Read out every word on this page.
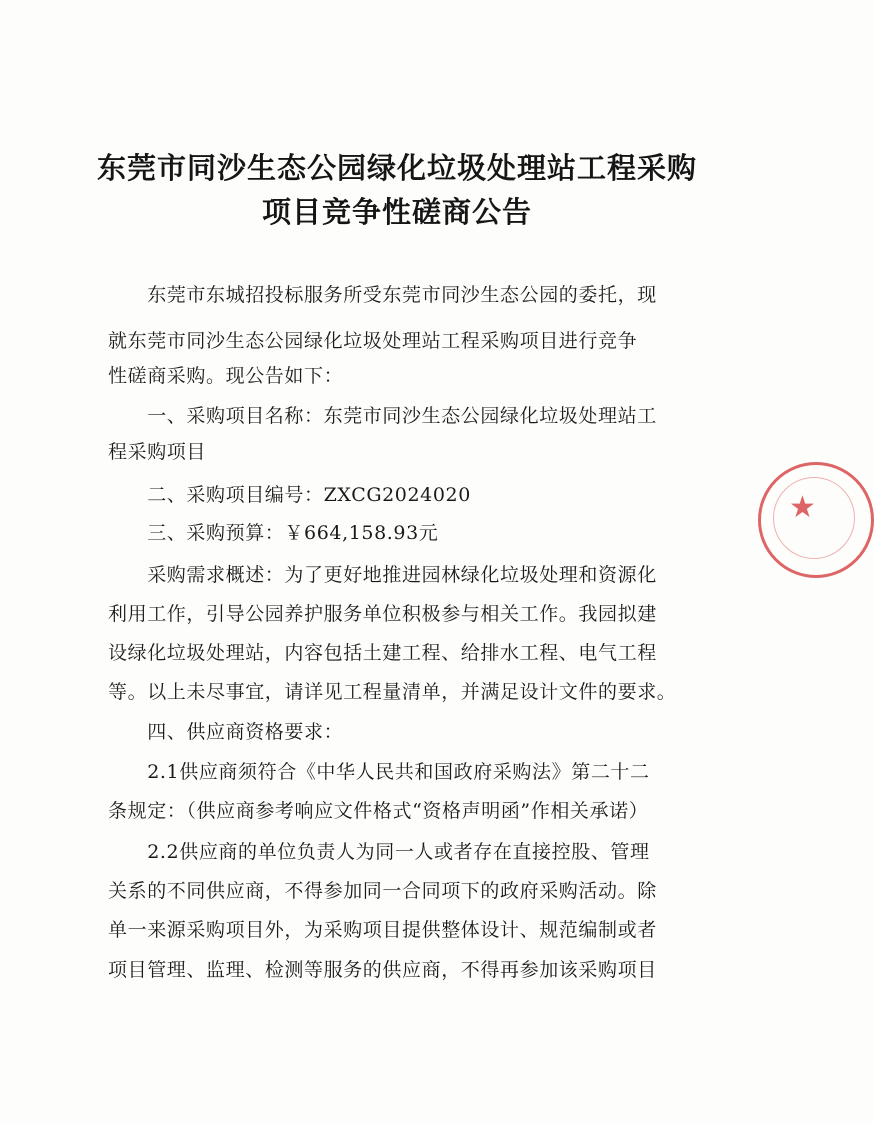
东莞市同沙生态公园绿化垃圾处理站工程采购
项目竞争性磋商公告
　　东莞市东城招投标服务所受东莞市同沙生态公园的委托，现
就东莞市同沙生态公园绿化垃圾处理站工程采购项目进行竞争
性磋商采购。现公告如下：
　　一、采购项目名称：东莞市同沙生态公园绿化垃圾处理站工
程采购项目
　　二、采购项目编号：ZXCG2024020
　　三、采购预算：￥664,158.93元
　　采购需求概述：为了更好地推进园林绿化垃圾处理和资源化
利用工作，引导公园养护服务单位积极参与相关工作。我园拟建
设绿化垃圾处理站，内容包括土建工程、给排水工程、电气工程
等。以上未尽事宜，请详见工程量清单，并满足设计文件的要求。
　　四、供应商资格要求：
　　2.1供应商须符合《中华人民共和国政府采购法》第二十二
条规定：（供应商参考响应文件格式“资格声明函”作相关承诺）
　　2.2供应商的单位负责人为同一人或者存在直接控股、管理
关系的不同供应商，不得参加同一合同项下的政府采购活动。除
单一来源采购项目外，为采购项目提供整体设计、规范编制或者
项目管理、监理、检测等服务的供应商，不得再参加该采购项目
★
